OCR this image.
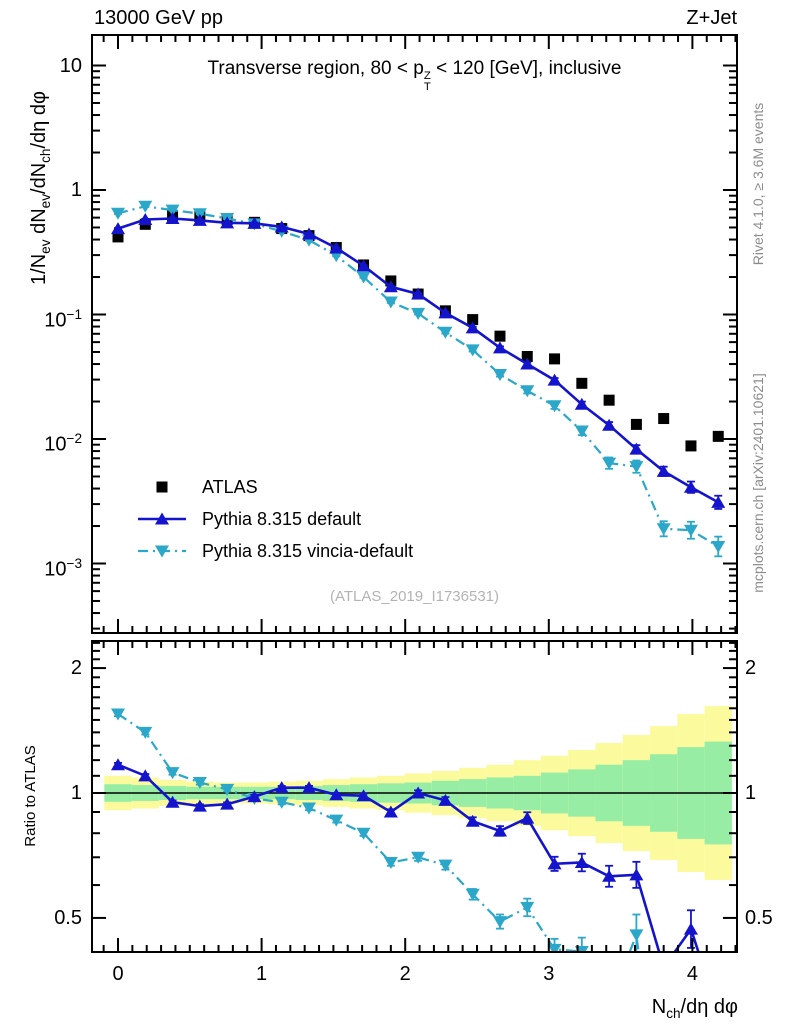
13000 GeV pp	Z+Jet
Transverse region, 80 < p Z
T
< 120 [GeV], inclusive
$1/N_{ev}$ $dN_{ev}/dN_{ch}/d\eta$ dφ
Ratio to ATLAS
$N_{ch}/d\eta$ dφ
Rivet 4.1.0, ≥ 3.6M events
mcplots.cern.ch [arXiv:2401.10621]
(ATLAS_2019_I1736531)
ATLAS
Pythia 8.315 default
Pythia 8.315 vincia-default
10
1
$10^{-1}$
$10^{-2}$
$10^{-3}$
2	2
1	1
0.5	0.5
0	1	2	3	4
